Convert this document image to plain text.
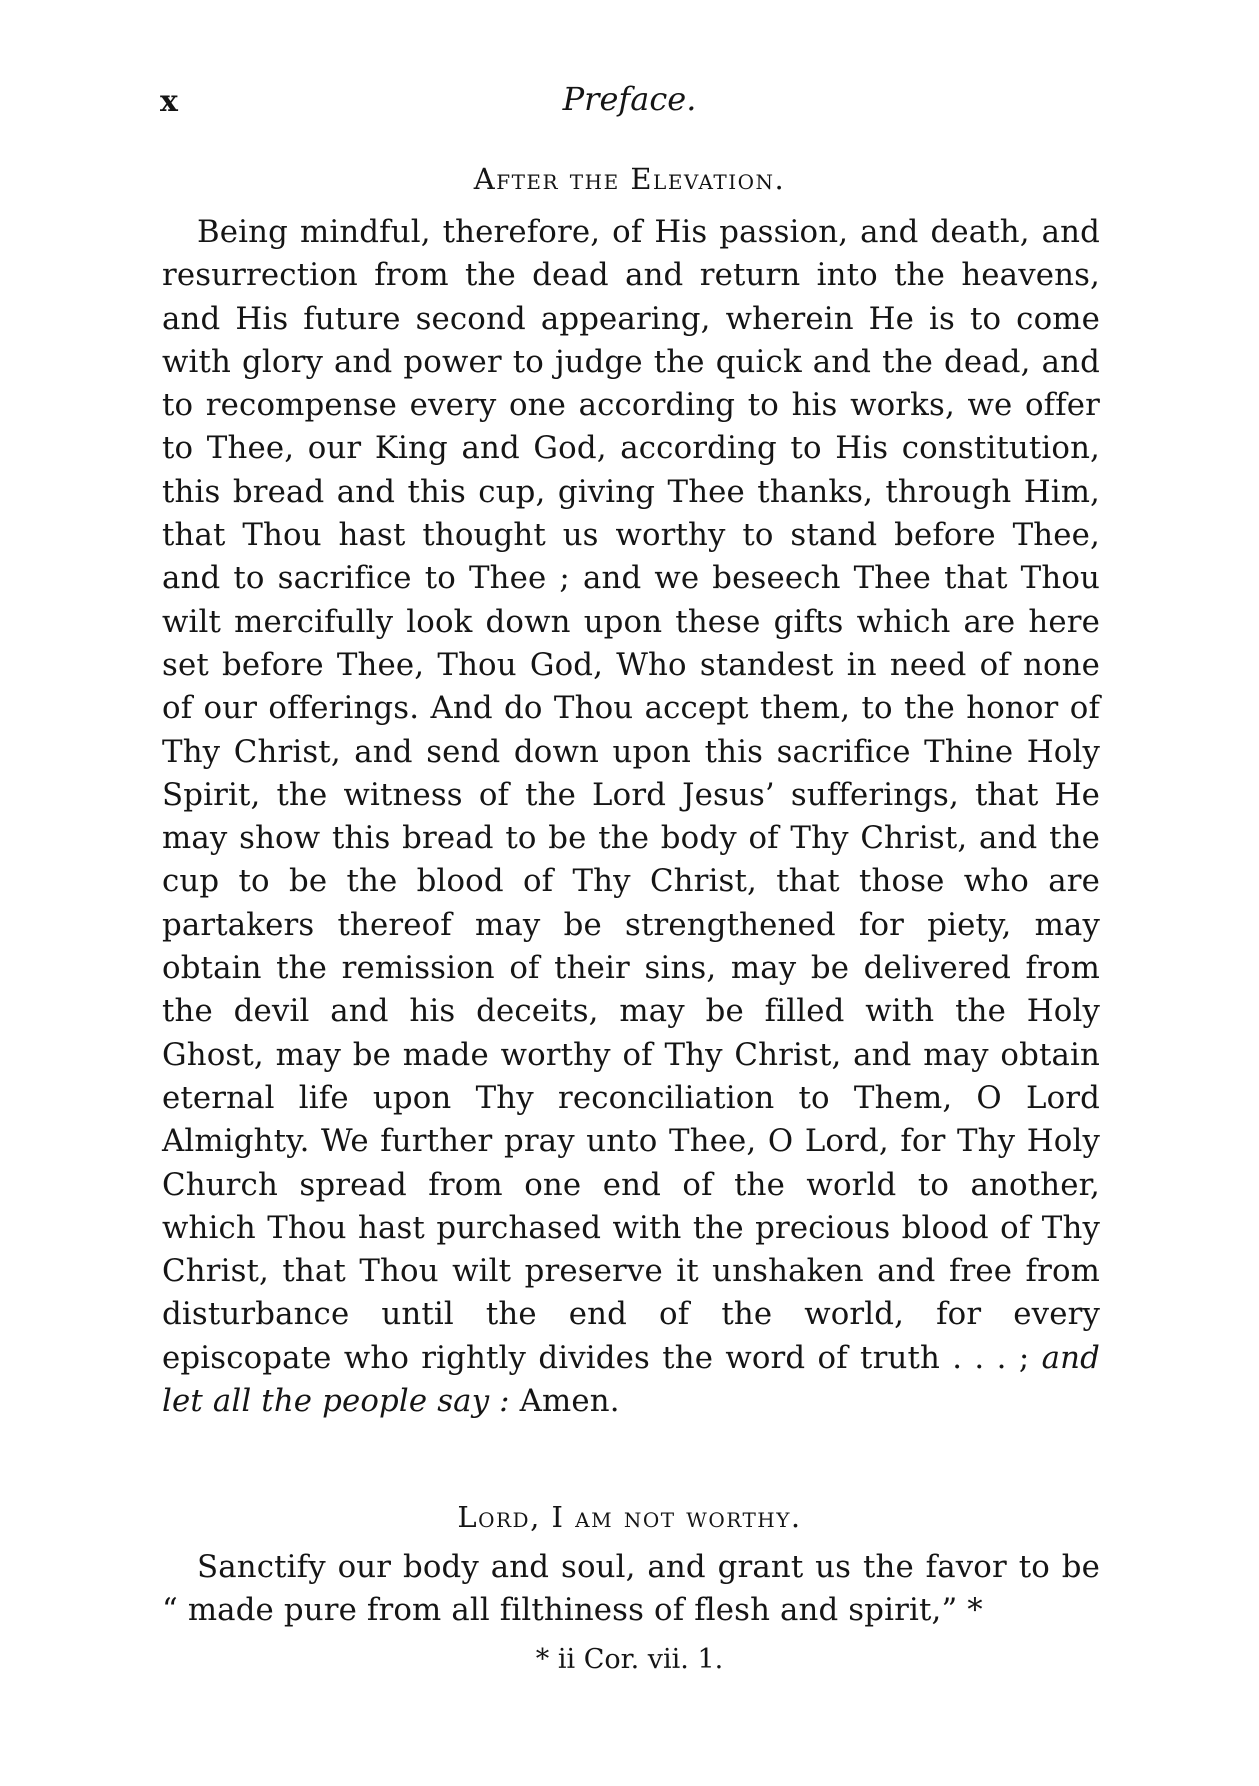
x	Preface.
After the Elevation.
Being mindful, therefore, of His passion, and death, and resurrection from the dead and return into the heavens, and His future second appearing, wherein He is to come with glory and power to judge the quick and the dead, and to recompense every one according to his works, we offer to Thee, our King and God, according to His constitution, this bread and this cup, giving Thee thanks, through Him, that Thou hast thought us worthy to stand before Thee, and to sacrifice to Thee ; and we beseech Thee that Thou wilt mercifully look down upon these gifts which are here set before Thee, Thou God, Who standest in need of none of our offerings. And do Thou accept them, to the honor of Thy Christ, and send down upon this sacrifice Thine Holy Spirit, the witness of the Lord Jesus’ sufferings, that He may show this bread to be the body of Thy Christ, and the cup to be the blood of Thy Christ, that those who are partakers thereof may be strengthened for piety, may obtain the remission of their sins, may be delivered from the devil and his deceits, may be filled with the Holy Ghost, may be made worthy of Thy Christ, and may obtain eternal life upon Thy reconciliation to Them, O Lord Almighty. We further pray unto Thee, O Lord, for Thy Holy Church spread from one end of the world to another, which Thou hast purchased with the precious blood of Thy Christ, that Thou wilt preserve it unshaken and free from disturbance until the end of the world, for every episcopate who rightly divides the word of truth . . . ; and let all the people say : Amen.
Lord, I am not worthy.
Sanctify our body and soul, and grant us the favor to be “ made pure from all filthiness of flesh and spirit,” *
* ii Cor. vii. 1.
